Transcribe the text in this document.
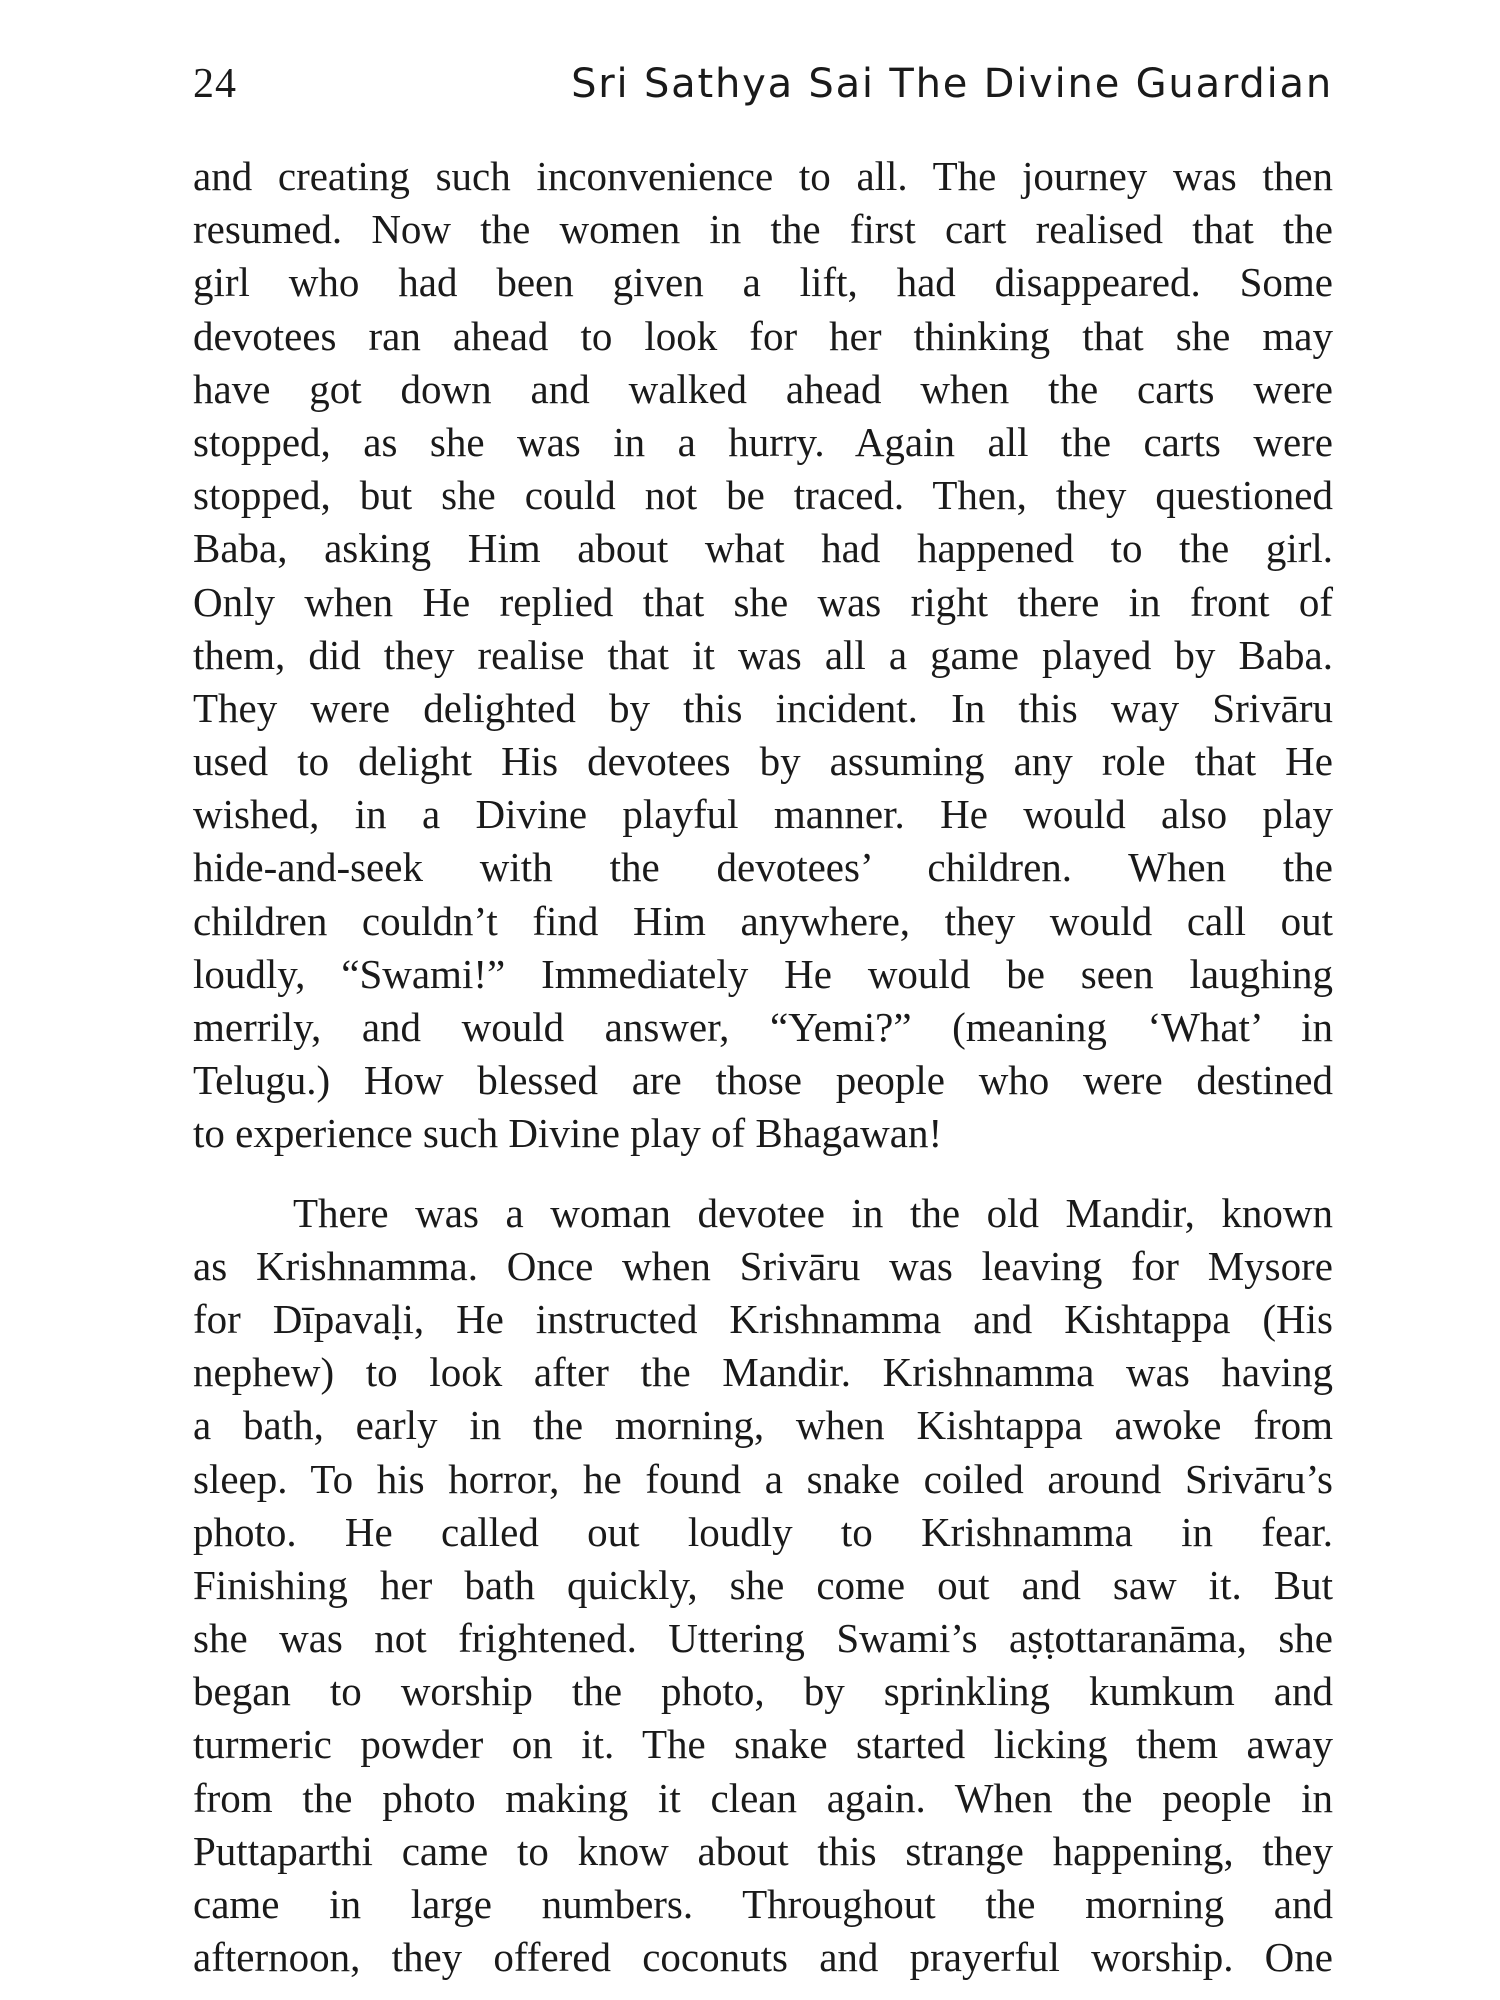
24	Sri Sathya Sai The Divine Guardian
and creating such inconvenience to all. The journey was then
resumed. Now the women in the first cart realised that the
girl who had been given a lift, had disappeared. Some
devotees ran ahead to look for her thinking that she may
have got down and walked ahead when the carts were
stopped, as she was in a hurry. Again all the carts were
stopped, but she could not be traced. Then, they questioned
Baba, asking Him about what had happened to the girl.
Only when He replied that she was right there in front of
them, did they realise that it was all a game played by Baba.
They were delighted by this incident. In this way Srivāru
used to delight His devotees by assuming any role that He
wished, in a Divine playful manner. He would also play
hide-and-seek with the devotees’ children. When the
children couldn’t find Him anywhere, they would call out
loudly, “Swami!” Immediately He would be seen laughing
merrily, and would answer, “Yemi?” (meaning ‘What’ in
Telugu.) How blessed are those people who were destined
to experience such Divine play of Bhagawan!
There was a woman devotee in the old Mandir, known
as Krishnamma. Once when Srivāru was leaving for Mysore
for Dīpavaḷi, He instructed Krishnamma and Kishtappa (His
nephew) to look after the Mandir. Krishnamma was having
a bath, early in the morning, when Kishtappa awoke from
sleep. To his horror, he found a snake coiled around Srivāru’s
photo. He called out loudly to Krishnamma in fear.
Finishing her bath quickly, she come out and saw it. But
she was not frightened. Uttering Swami’s aṣṭottaranāma, she
began to worship the photo, by sprinkling kumkum and
turmeric powder on it. The snake started licking them away
from the photo making it clean again. When the people in
Puttaparthi came to know about this strange happening, they
came in large numbers. Throughout the morning and
afternoon, they offered coconuts and prayerful worship. One
